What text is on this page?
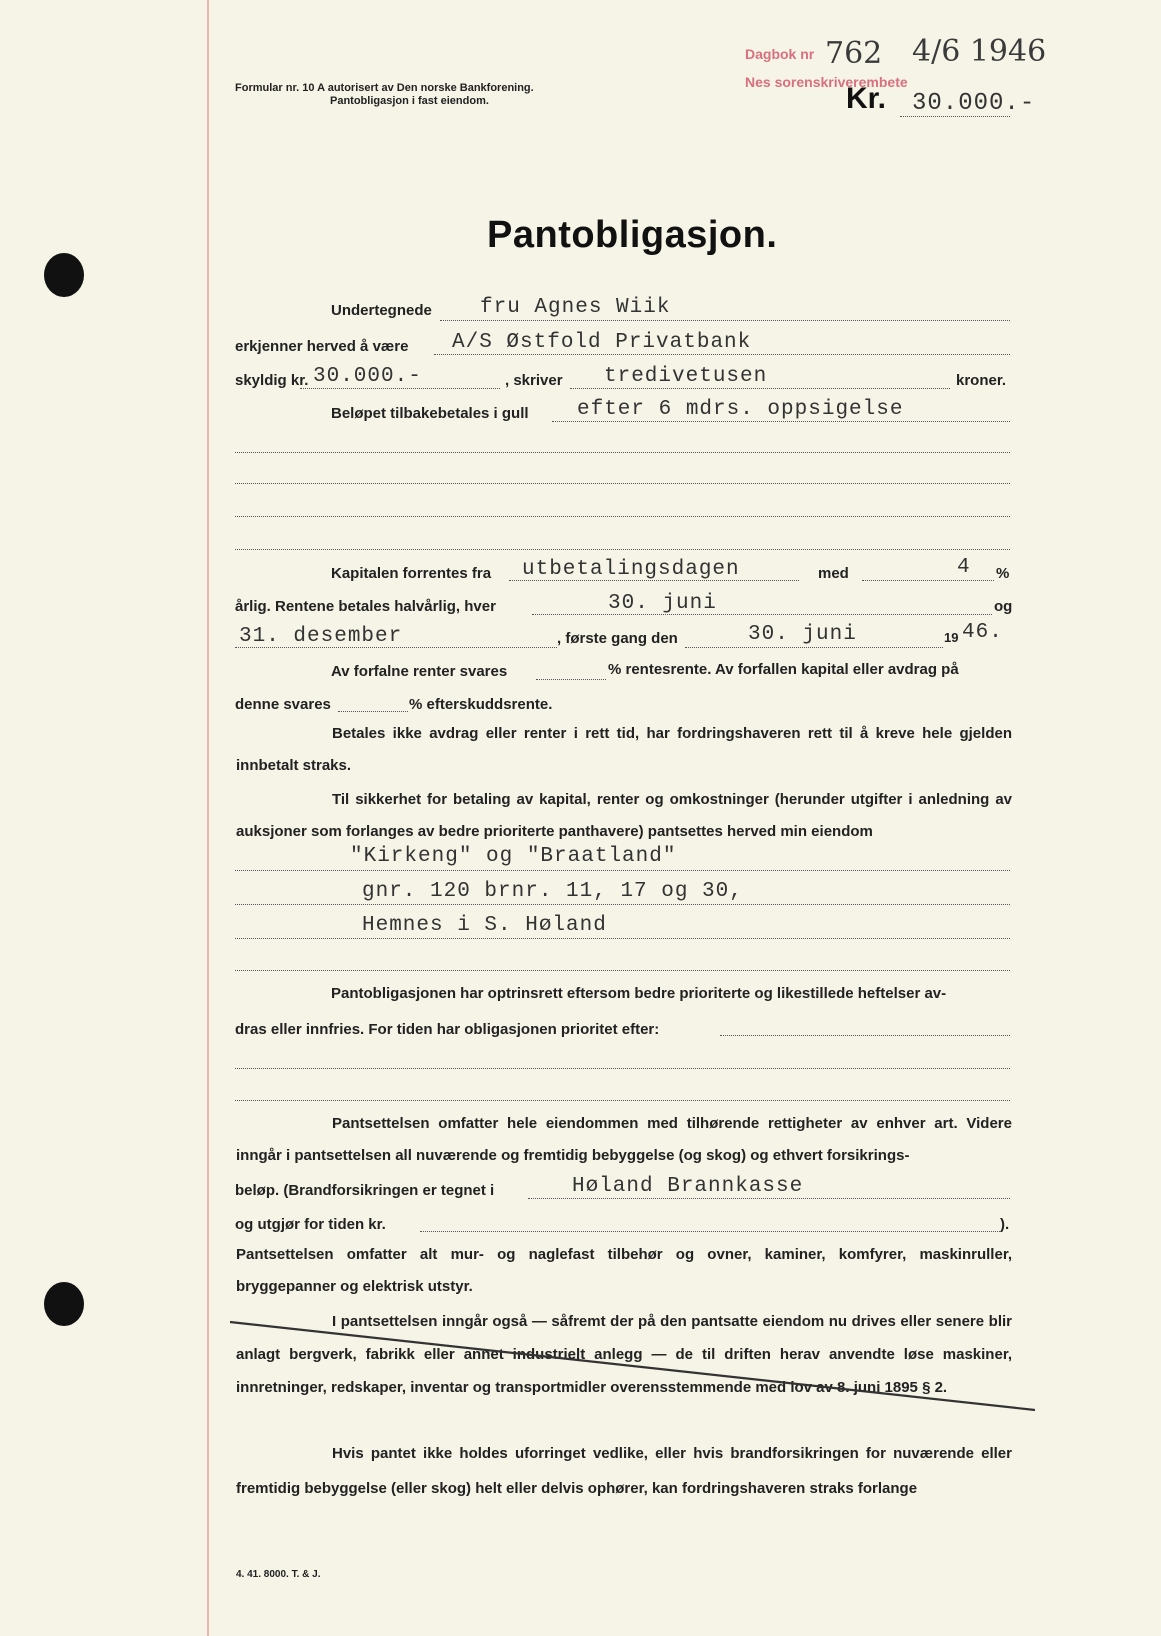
Formular nr. 10 A autorisert av Den norske Bankforening.
Pantobligasjon i fast eiendom.
Dagbok nr
Nes sorenskriverembete
762 4/6 1946
Kr. 30.000.-
Pantobligasjon.
Undertegnede fru Agnes Wiik
erkjenner herved å være A/S Østfold Privatbank
skyldig kr. 30.000.-	, skriver tredivetusen	kroner.
Beløpet tilbakebetales i gull efter 6 mdrs. oppsigelse
Kapitalen forrentes fra utbetalingsdagen	med	4 %
årlig. Rentene betales halvårlig, hver	30. juni	og
31. desember	, første gang den	30. juni	19 46.
Av forfalne renter svares	% rentesrente. Av forfallen kapital eller avdrag på
denne svares	% efterskuddsrente.
Betales ikke avdrag eller renter i rett tid, har fordringshaveren rett til å kreve hele gjelden innbetalt straks.
Til sikkerhet for betaling av kapital, renter og omkostninger (herunder utgifter i anledning av auksjoner som forlanges av bedre prioriterte panthavere) pantsettes herved min eiendom
"Kirkeng" og "Braatland"
gnr. 120 brnr. 11, 17 og 30,
Hemnes i S. Høland
Pantobligasjonen har optrinsrett eftersom bedre prioriterte og likestillede heftelser av-
dras eller innfries. For tiden har obligasjonen prioritet efter:
Pantsettelsen omfatter hele eiendommen med tilhørende rettigheter av enhver art. Videre inngår i pantsettelsen all nuværende og fremtidig bebyggelse (og skog) og ethvert forsikrings-
beløp. (Brandforsikringen er tegnet i	Høland Brannkasse
og utgjør for tiden kr.	).
Pantsettelsen omfatter alt mur- og naglefast tilbehør og ovner, kaminer, komfyrer, maskinruller, bryggepanner og elektrisk utstyr.
I pantsettelsen inngår også — såfremt der på den pantsatte eiendom nu drives eller senere blir anlagt bergverk, fabrikk eller annet industrielt anlegg — de til driften herav anvendte løse maskiner, innretninger, redskaper, inventar og transportmidler overensstemmende med lov av 8. juni 1895 § 2.
Hvis pantet ikke holdes uforringet vedlike, eller hvis brandforsikringen for nuværende eller fremtidig bebyggelse (eller skog) helt eller delvis ophører, kan fordringshaveren straks forlange
4. 41. 8000. T. & J.
